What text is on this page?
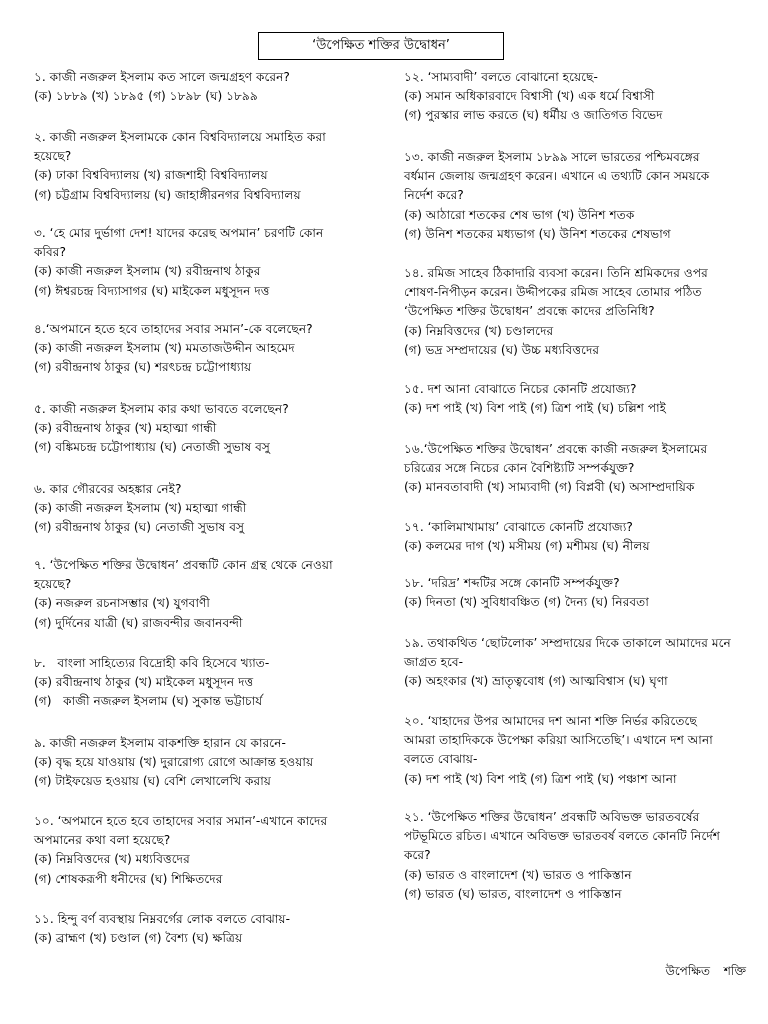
‘উপেক্ষিত শক্তির উদ্বোধন’

১. কাজী নজরুল ইসলাম কত সালে জন্মগ্রহণ করেন?

(ক) ১৮৮৯ (খ) ১৮৯৫ (গ) ১৮৯৮ (ঘ) ১৮৯৯

২. কাজী নজরুল ইসলামকে কোন বিশ্ববিদ্যালয়ে সমাহিত করা

হয়েছে?

(ক) ঢাকা বিশ্ববিদ্যালয় (খ) রাজশাহী বিশ্ববিদ্যালয়

(গ) চট্টগ্রাম বিশ্ববিদ্যালয় (ঘ) জাহাঙ্গীরনগর বিশ্ববিদ্যালয়

৩. ‘হে মোর দুর্ভাগা দেশ! যাদের করেছ অপমান’ চরণটি কোন

কবির?

(ক) কাজী নজরুল ইসলাম (খ) রবীন্দ্রনাথ ঠাকুর

(গ) ঈশ্বরচন্দ্র বিদ্যাসাগর (ঘ) মাইকেল মধুসূদন দত্ত

৪.‘অপমানে হতে হবে তাহাদের সবার সমান’-কে বলেছেন?

(ক) কাজী নজরুল ইসলাম (খ) মমতাজউদ্দীন আহমেদ

(গ) রবীন্দ্রনাথ ঠাকুর (ঘ) শরৎচন্দ্র চট্টোপাধ্যায়

৫. কাজী নজরুল ইসলাম কার কথা ভাবতে বলেছেন?

(ক) রবীন্দ্রনাথ ঠাকুর (খ) মহাত্মা গান্ধী

(গ) বঙ্কিমচন্দ্র চট্টোপাধ্যায় (ঘ) নেতাজী সুভাষ বসু

৬. কার গৌরবের অহঙ্কার নেই?

(ক) কাজী নজরুল ইসলাম (খ) মহাত্মা গান্ধী

(গ) রবীন্দ্রনাথ ঠাকুর (ঘ) নেতাজী সুভাষ বসু

৭. ‘উপেক্ষিত শক্তির উদ্বোধন’ প্রবন্ধটি কোন গ্রন্থ থেকে নেওয়া

হয়েছে?

(ক) নজরুল রচনাসম্ভার (খ) যুগবাণী

(গ) দুর্দিনের যাত্রী (ঘ) রাজবন্দীর জবানবন্দী

৮.   বাংলা সাহিত্যের বিদ্রোহী কবি হিসেবে খ্যাত-

(ক) রবীন্দ্রনাথ ঠাকুর (খ) মাইকেল মধুসূদন দত্ত

(গ)   কাজী নজরুল ইসলাম (ঘ) সুকান্ত ভট্টাচার্য

৯. কাজী নজরুল ইসলাম বাকশক্তি হারান যে কারনে-

(ক) বৃদ্ধ হয়ে যাওয়ায় (খ) দুরারোগ্য রোগে আক্রান্ত হওয়ায়

(গ) টাইফয়েড হওয়ায় (ঘ) বেশি লেখালেখি করায়

১০. ‘অপমানে হতে হবে তাহাদের সবার সমান’-এখানে কাদের

অপমানের কথা বলা হয়েছে?

(ক) নিম্নবিত্তদের (খ) মধ্যবিত্তদের

(গ) শোষকরূপী ধনীদের (ঘ) শিক্ষিতদের

১১. হিন্দু বর্ণ ব্যবস্থায় নিম্নবর্গের লোক বলতে বোঝায়-

(ক) ব্রাহ্মণ (খ) চণ্ডাল (গ) বৈশ্য (ঘ) ক্ষত্রিয়

১২. ‘সাম্যবাদী’ বলতে বোঝানো হয়েছে-

(ক) সমান অধিকারবাদে বিশ্বাসী (খ) এক ধর্মে বিশ্বাসী

(গ) পুরস্কার লাভ করতে (ঘ) ধর্মীয় ও জাতিগত বিভেদ

১৩. কাজী নজরুল ইসলাম ১৮৯৯ সালে ভারতের পশ্চিমবঙ্গের

বর্ধমান জেলায় জন্মগ্রহণ করেন। এখানে এ তথ্যটি কোন সময়কে

নির্দেশ করে?

(ক) আঠারো শতকের শেষ ভাগ (খ) উনিশ শতক

(গ) উনিশ শতকের মধ্যভাগ (ঘ) উনিশ শতকের শেষভাগ

১৪. রমিজ সাহেব ঠিকাদারি ব্যবসা করেন। তিনি শ্রমিকদের ওপর

শোষণ-নিপীড়ন করেন। উদ্দীপকের রমিজ সাহেব তোমার পঠিত

‘উপেক্ষিত শক্তির উদ্বোধন’ প্রবন্ধে কাদের প্রতিনিধি?

(ক) নিম্নবিত্তদের (খ) চণ্ডালদের

(গ) ভদ্র সম্প্রদায়ের (ঘ) উচ্চ মধ্যবিত্তদের

১৫. দশ আনা বোঝাতে নিচের কোনটি প্রযোজ্য?

(ক) দশ পাই (খ) বিশ পাই (গ) ত্রিশ পাই (ঘ) চল্লিশ পাই

১৬.‘উপেক্ষিত শক্তির উদ্বোধন’ প্রবন্ধে কাজী নজরুল ইসলামের

চরিত্রের সঙ্গে নিচের কোন বৈশিষ্ট্যটি সম্পর্কযুক্ত?

(ক) মানবতাবাদী (খ) সাম্যবাদী (গ) বিপ্লবী (ঘ) অসাম্প্রদায়িক

১৭. ‘কালিমাখামায়’ বোঝাতে কোনটি প্রযোজ্য?

(ক) কলমের দাগ (খ) মসীময় (গ) মশীময় (ঘ) নীলয়

১৮. ‘দরিদ্র’ শব্দটির সঙ্গে কোনটি সম্পর্কযুক্ত?

(ক) দিনতা (খ) সুবিধাবঞ্চিত (গ) দৈন্য (ঘ) নিরবতা

১৯. তথাকথিত ‘ছোটলোক’ সম্প্রদায়ের দিকে তাকালে আমাদের মনে

জাগ্রত হবে-

(ক) অহংকার (খ) ভ্রাতৃত্ববোধ (গ) আত্মবিশ্বাস (ঘ) ঘৃণা

২০. ‘যাহাদের উপর আমাদের দশ আনা শক্তি নির্ভর করিতেছে

আমরা তাহাদিককে উপেক্ষা করিয়া আসিতেছি’। এখানে দশ আনা

বলতে বোঝায়-

(ক) দশ পাই (খ) বিশ পাই (গ) ত্রিশ পাই (ঘ) পঞ্চাশ আনা

২১. ‘উপেক্ষিত শক্তির উদ্বোধন’ প্রবন্ধটি অবিভক্ত ভারতবর্ষের

পটভূমিতে রচিত। এখানে অবিভক্ত ভারতবর্ষ বলতে কোনটি নির্দেশ

করে?

(ক) ভারত ও বাংলাদেশ (খ) ভারত ও পাকিস্তান

(গ) ভারত (ঘ) ভারত, বাংলাদেশ ও পাকিস্তান

উপেক্ষিত শক্তি
